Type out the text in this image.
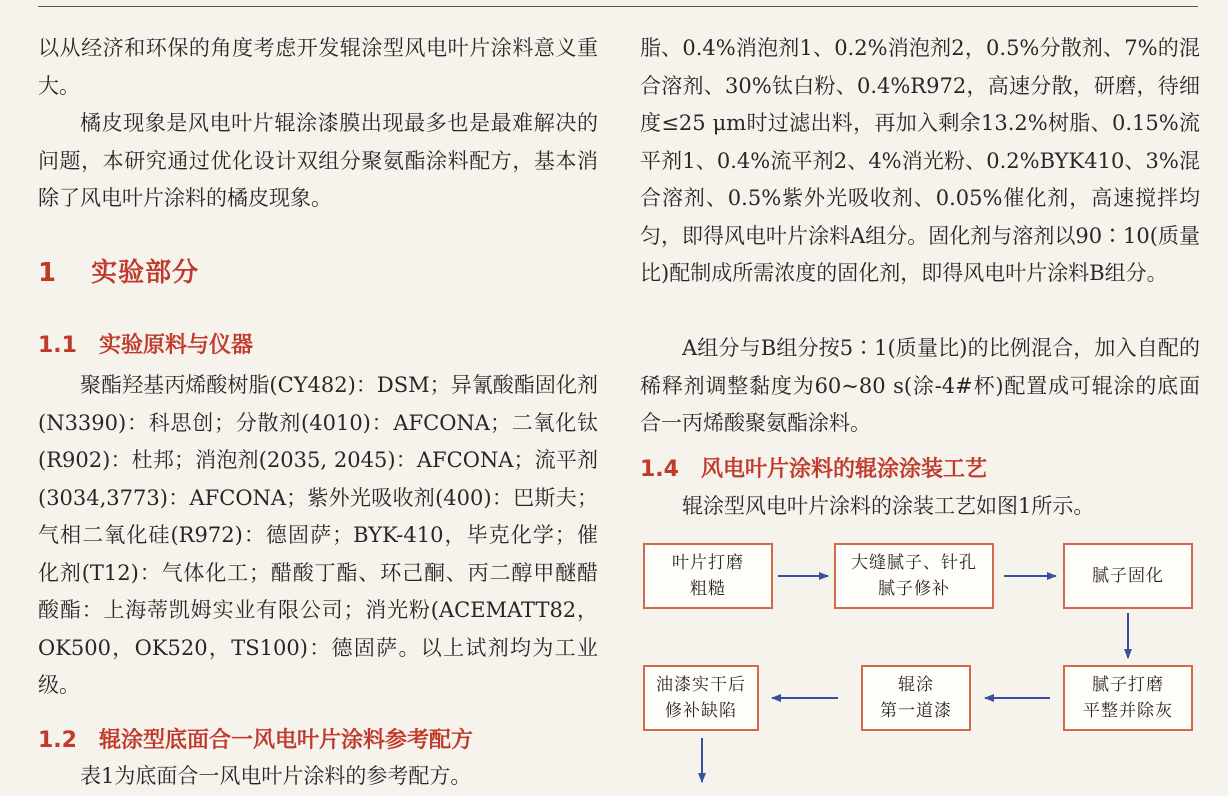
以从经济和环保的角度考虑开发辊涂型风电叶片涂料意义重大。

橘皮现象是风电叶片辊涂漆膜出现最多也是最难解决的问题，本研究通过优化设计双组分聚氨酯涂料配方，基本消除了风电叶片涂料的橘皮现象。

1 实验部分
1.1 实验原料与仪器

聚酯羟基丙烯酸树脂(CY482)：DSM；异氰酸酯固化剂(N3390)：科思创；分散剂(4010)：AFCONA；二氧化钛(R902)：杜邦；消泡剂(2035, 2045)：AFCONA；流平剂(3034,3773)：AFCONA；紫外光吸收剂(400)：巴斯夫；气相二氧化硅(R972)：德固萨；BYK-410，毕克化学；催化剂(T12)：气体化工；醋酸丁酯、环己酮、丙二醇甲醚醋酸酯：上海蒂凯姆实业有限公司；消光粉(ACEMATT82，OK500，OK520，TS100)：德固萨。以上试剂均为工业级。

1.2 辊涂型底面合一风电叶片涂料参考配方

表1为底面合一风电叶片涂料的参考配方。

脂、0.4%消泡剂1、0.2%消泡剂2，0.5%分散剂、7%的混合溶剂、30%钛白粉、0.4%R972，高速分散，研磨，待细度≤25 μm时过滤出料，再加入剩余13.2%树脂、0.15%流平剂1、0.4%流平剂2、4%消光粉、0.2%BYK410、3%混合溶剂、0.5%紫外光吸收剂、0.05%催化剂，高速搅拌均匀，即得风电叶片涂料A组分。固化剂与溶剂以90∶10(质量比)配制成所需浓度的固化剂，即得风电叶片涂料B组分。

A组分与B组分按5∶1(质量比)的比例混合，加入自配的稀释剂调整黏度为60~80 s(涂-4#杯)配置成可辊涂的底面合一丙烯酸聚氨酯涂料。

1.4 风电叶片涂料的辊涂涂装工艺

辊涂型风电叶片涂料的涂装工艺如图1所示。

叶片打磨
粗糙
大缝腻子、针孔
腻子修补
腻子固化
腻子打磨
平整并除灰
辊涂
第一道漆
油漆实干后
修补缺陷
